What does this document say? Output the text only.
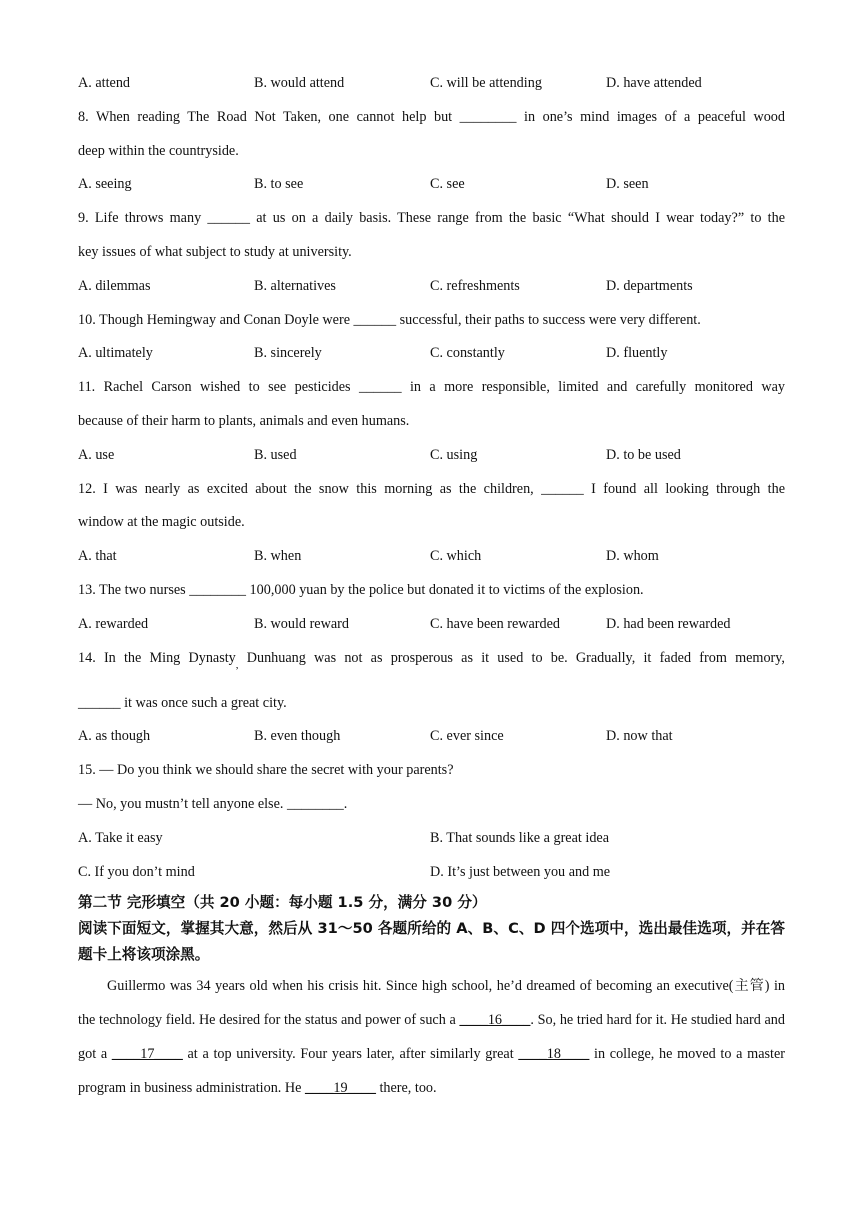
A. attend	B. would attend	C. will be attending	D. have attended
8. When reading The Road Not Taken, one cannot help but ________ in one’s mind images of a peaceful wood
deep within the countryside.
A. seeing	B. to see	C. see	D. seen
9. Life throws many ______ at us on a daily basis. These range from the basic “What should I wear today?” to the
key issues of what subject to study at university.
A. dilemmas	B. alternatives	C. refreshments	D. departments
10. Though Hemingway and Conan Doyle were ______ successful, their paths to success were very different.
A. ultimately	B. sincerely	C. constantly	D. fluently
11. Rachel Carson wished to see pesticides ______ in a more responsible, limited and carefully monitored way
because of their harm to plants, animals and even humans.
A. use	B. used	C. using	D. to be used
12. I was nearly as excited about the snow this morning as the children, ______ I found all looking through the
window at the magic outside.
A. that	B. when	C. which	D. whom
13. The two nurses ________ 100,000 yuan by the police but donated it to victims of the explosion.
A. rewarded	B. would reward	C. have been rewarded	D. had been rewarded
14. In the Ming Dynasty$_,$ Dunhuang was not as prosperous as it used to be. Gradually, it faded from memory,
______ it was once such a great city.
A. as though	B. even though	C. ever since	D. now that
15. — Do you think we should share the secret with your parents?
— No, you mustn’t tell anyone else. ________.
A. Take it easy	B. That sounds like a great idea
C. If you don’t mind	D. It’s just between you and me
第二节 完形填空（共 20 小题：每小题 1.5 分，满分 30 分）
阅读下面短文，掌握其大意，然后从 31～50 各题所给的 A、B、C、D 四个选项中，选出最佳选项，并在答题卡上将该项涂黑。
Guillermo was 34 years old when his crisis hit. Since high school, he’d dreamed of becoming an executive(主管) in the technology field. He desired for the status and power of such a ____16____. So, he tried hard for it. He studied hard and got a ____17____ at a top university. Four years later, after similarly great ____18____ in college, he moved to a master program in business administration. He ____19____ there, too.
